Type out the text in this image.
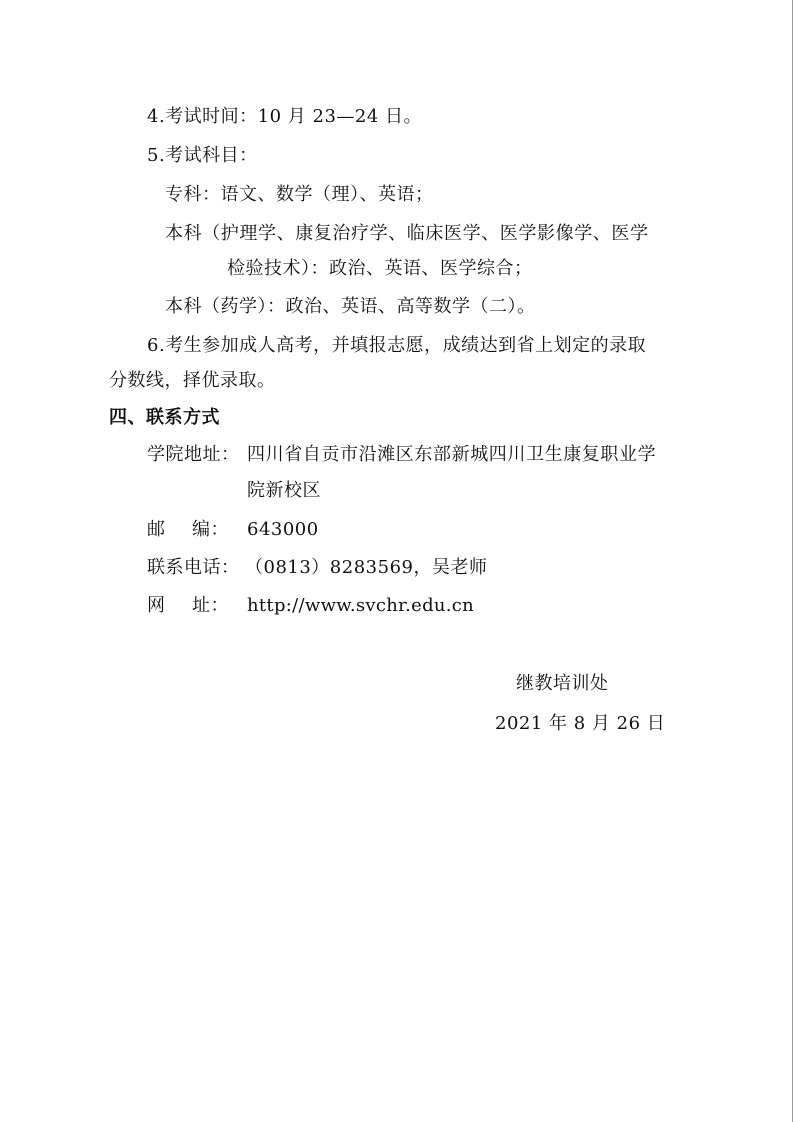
4.考试时间：10 月 23—24 日。
5.考试科目：
专科：语文、数学（理）、英语；
本科（护理学、康复治疗学、临床医学、医学影像学、医学
检验技术）：政治、英语、医学综合；
本科（药学）：政治、英语、高等数学（二）。
6.考生参加成人高考，并填报志愿，成绩达到省上划定的录取
分数线，择优录取。
四、联系方式
学院地址： 四川省自贡市沿滩区东部新城四川卫生康复职业学
院新校区
邮 编： 643000
联系电话： （0813）8283569，吴老师
网 址： http://www.svchr.edu.cn
继教培训处
2021 年 8 月 26 日
